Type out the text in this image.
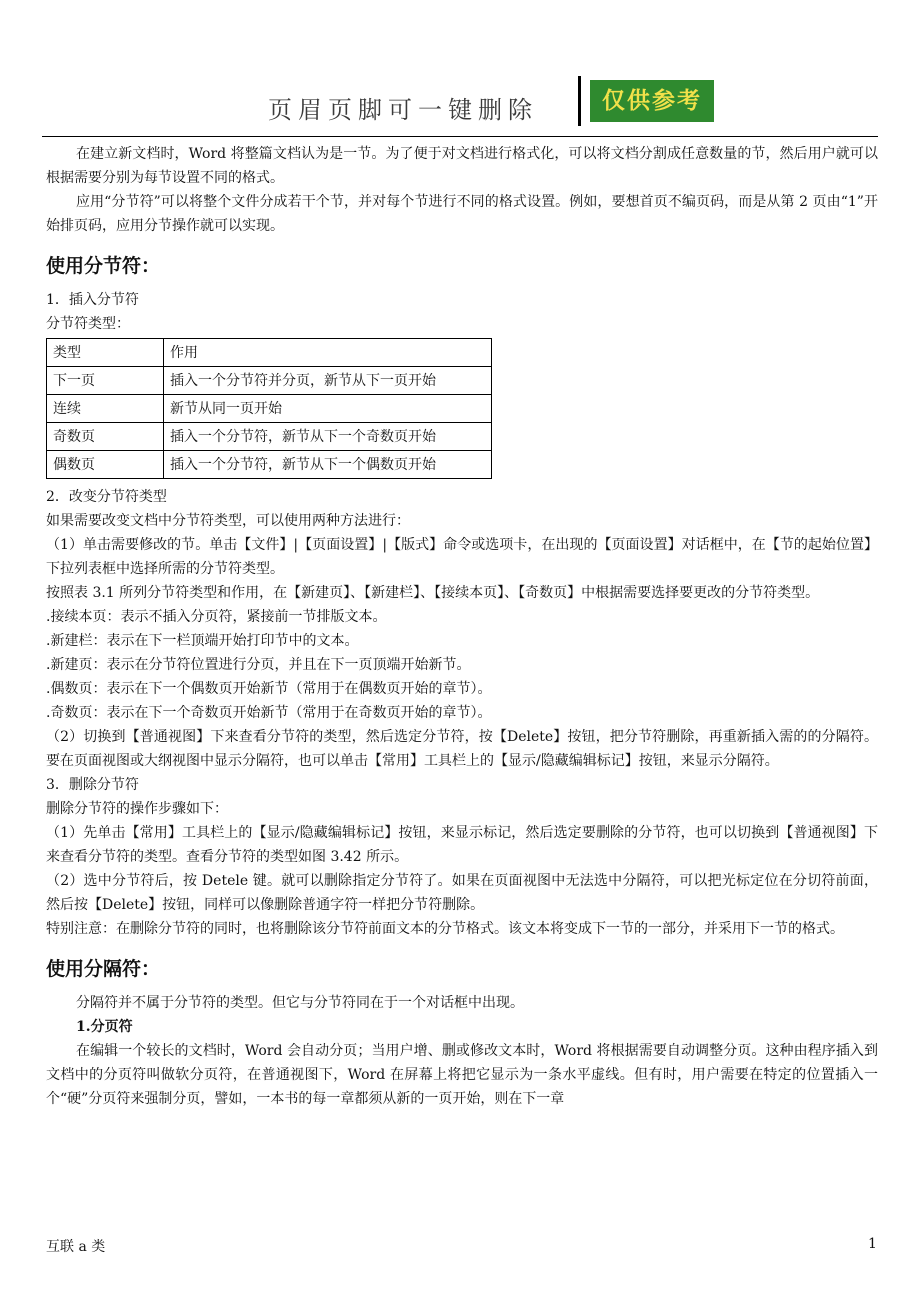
页眉页脚可一键删除	仅供参考

在建立新文档时，Word 将整篇文档认为是一节。为了便于对文档进行格式化，可以将文档分割成任意数量的节，然后用户就可以根据需要分别为每节设置不同的格式。

应用“分节符”可以将整个文件分成若干个节，并对每个节进行不同的格式设置。例如，要想首页不编页码，而是从第 2 页由“1”开始排页码，应用分节操作就可以实现。

使用分节符：

1．插入分节符

分节符类型：

类型	作用
下一页	插入一个分节符并分页，新节从下一页开始
连续	新节从同一页开始
奇数页	插入一个分节符，新节从下一个奇数页开始
偶数页	插入一个分节符，新节从下一个偶数页开始

2．改变分节符类型

如果需要改变文档中分节符类型，可以使用两种方法进行：

（1）单击需要修改的节。单击【文件】|【页面设置】|【版式】命令或选项卡，在出现的【页面设置】对话框中，在【节的起始位置】下拉列表框中选择所需的分节符类型。

按照表 3.1 所列分节符类型和作用，在【新建页】、【新建栏】、【接续本页】、【奇数页】中根据需要选择要更改的分节符类型。

.接续本页：表示不插入分页符，紧接前一节排版文本。

.新建栏：表示在下一栏顶端开始打印节中的文本。

.新建页：表示在分节符位置进行分页，并且在下一页顶端开始新节。

.偶数页：表示在下一个偶数页开始新节（常用于在偶数页开始的章节）。

.奇数页：表示在下一个奇数页开始新节（常用于在奇数页开始的章节）。

（2）切换到【普通视图】下来查看分节符的类型，然后选定分节符，按【Delete】按钮，把分节符删除，再重新插入需的的分隔符。要在页面视图或大纲视图中显示分隔符，也可以单击【常用】工具栏上的【显示/隐藏编辑标记】按钮，来显示分隔符。

3．删除分节符

删除分节符的操作步骤如下：

（1）先单击【常用】工具栏上的【显示/隐藏编辑标记】按钮，来显示标记，然后选定要删除的分节符，也可以切换到【普通视图】下来查看分节符的类型。查看分节符的类型如图 3.42 所示。

（2）选中分节符后，按 Detele 键。就可以删除指定分节符了。如果在页面视图中无法选中分隔符，可以把光标定位在分切符前面，然后按【Delete】按钮，同样可以像删除普通字符一样把分节符删除。

特别注意：在删除分节符的同时，也将删除该分节符前面文本的分节格式。该文本将变成下一节的一部分，并采用下一节的格式。

使用分隔符：

分隔符并不属于分节符的类型。但它与分节符同在于一个对话框中出现。

1.分页符

在编辑一个较长的文档时，Word 会自动分页；当用户增、删或修改文本时，Word 将根据需要自动调整分页。这种由程序插入到文档中的分页符叫做软分页符，在普通视图下，Word 在屏幕上将把它显示为一条水平虚线。但有时，用户需要在特定的位置插入一个“硬”分页符来强制分页，譬如，一本书的每一章都须从新的一页开始，则在下一章

互联 a 类	1
